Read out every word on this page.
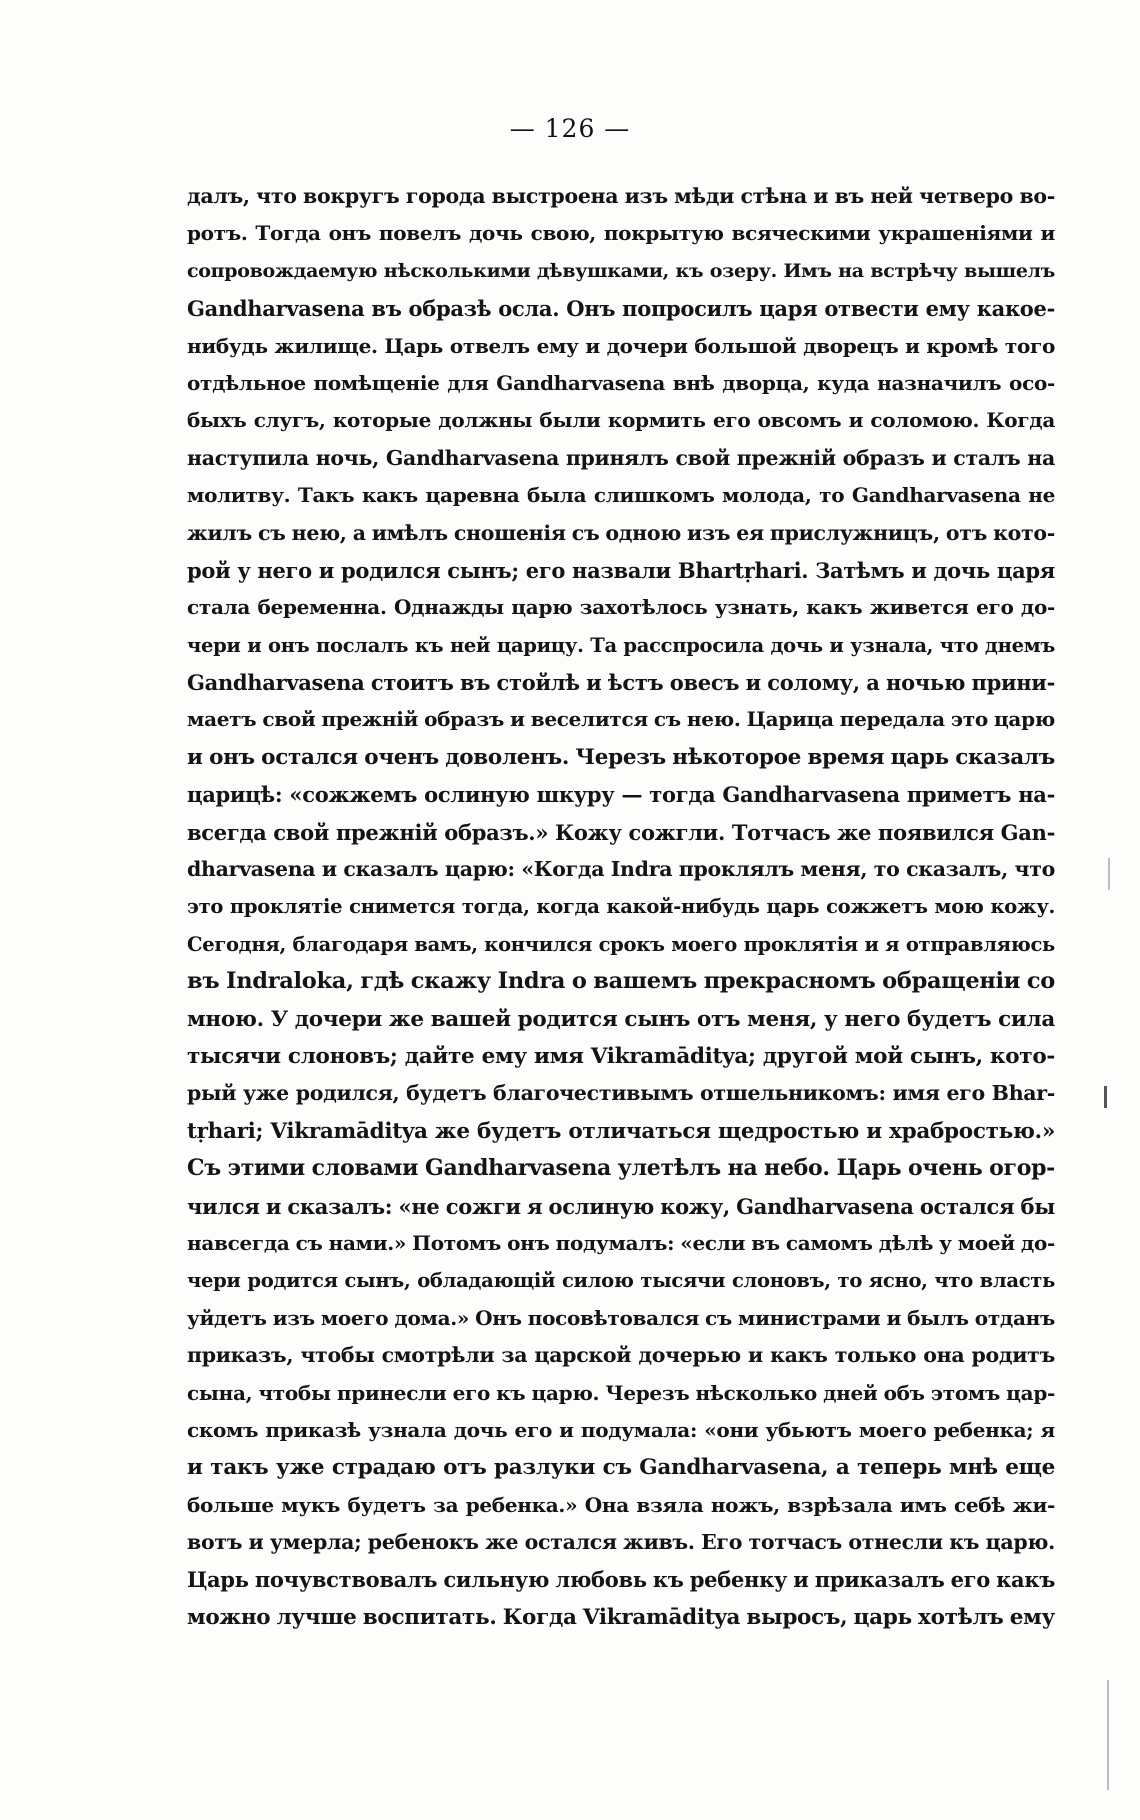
— 126 —
далъ, что вокругъ города выстроена изъ мѣди стѣна и въ ней четверо во-
ротъ. Тогда онъ повелъ дочь свою, покрытую всяческими украшеніями и
сопровождаемую нѣсколькими дѣвушками, къ озеру. Имъ на встрѣчу вышелъ
Gandharvasena въ образѣ осла. Онъ попросилъ царя отвести ему какое-
нибудь жилище. Царь отвелъ ему и дочери большой дворецъ и кромѣ того
отдѣльное помѣщеніе для Gandharvasena внѣ дворца, куда назначилъ осо-
быхъ слугъ, которые должны были кормить его овсомъ и соломою. Когда
наступила ночь, Gandharvasena принялъ свой прежній образъ и сталъ на
молитву. Такъ какъ царевна была слишкомъ молода, то Gandharvasena не
жилъ съ нею, а имѣлъ сношенія съ одною изъ ея прислужницъ, отъ кото-
рой у него и родился сынъ; его назвали Bhartṛhari. Затѣмъ и дочь царя
стала беременна. Однажды царю захотѣлось узнать, какъ живется его до-
чери и онъ послалъ къ ней царицу. Та расспросила дочь и узнала, что днемъ
Gandharvasena стоитъ въ стойлѣ и ѣстъ овесъ и солому, а ночью прини-
маетъ свой прежній образъ и веселится съ нею. Царица передала это царю
и онъ остался оченъ доволенъ. Черезъ нѣкоторое время царь сказалъ
царицѣ: «сожжемъ ослиную шкуру — тогда Gandharvasena приметъ на-
всегда свой прежній образъ.» Кожу сожгли. Тотчасъ же появился Gan-
dharvasena и сказалъ царю: «Когда Indra проклялъ меня, то сказалъ, что
это проклятіе снимется тогда, когда какой-нибудь царь сожжетъ мою кожу.
Сегодня, благодаря вамъ, кончился срокъ моего проклятія и я отправляюсь
въ Indraloka, гдѣ скажу Indra о вашемъ прекрасномъ обращеніи со
мною. У дочери же вашей родится сынъ отъ меня, у него будетъ сила
тысячи слоновъ; дайте ему имя Vikramāditya; другой мой сынъ, кото-
рый уже родился, будетъ благочестивымъ отшельникомъ: имя его Bhar-
tṛhari; Vikramāditya же будетъ отличаться щедростью и храбростью.»
Съ этими словами Gandharvasena улетѣлъ на небо. Царь очень огор-
чился и сказалъ: «не сожги я ослиную кожу, Gandharvasena остался бы
навсегда съ нами.» Потомъ онъ подумалъ: «если въ самомъ дѣлѣ у моей до-
чери родится сынъ, обладающій силою тысячи слоновъ, то ясно, что власть
уйдетъ изъ моего дома.» Онъ посовѣтовался съ министрами и былъ отданъ
приказъ, чтобы смотрѣли за царской дочерью и какъ только она родитъ
сына, чтобы принесли его къ царю. Черезъ нѣсколько дней объ этомъ цар-
скомъ приказѣ узнала дочь его и подумала: «они убьютъ моего ребенка; я
и такъ уже страдаю отъ разлуки съ Gandharvasena, а теперь мнѣ еще
больше мукъ будетъ за ребенка.» Она взяла ножъ, взрѣзала имъ себѣ жи-
вотъ и умерла; ребенокъ же остался живъ. Его тотчасъ отнесли къ царю.
Царь почувствовалъ сильную любовь къ ребенку и приказалъ его какъ
можно лучше воспитать. Когда Vikramāditya выросъ, царь хотѣлъ ему
